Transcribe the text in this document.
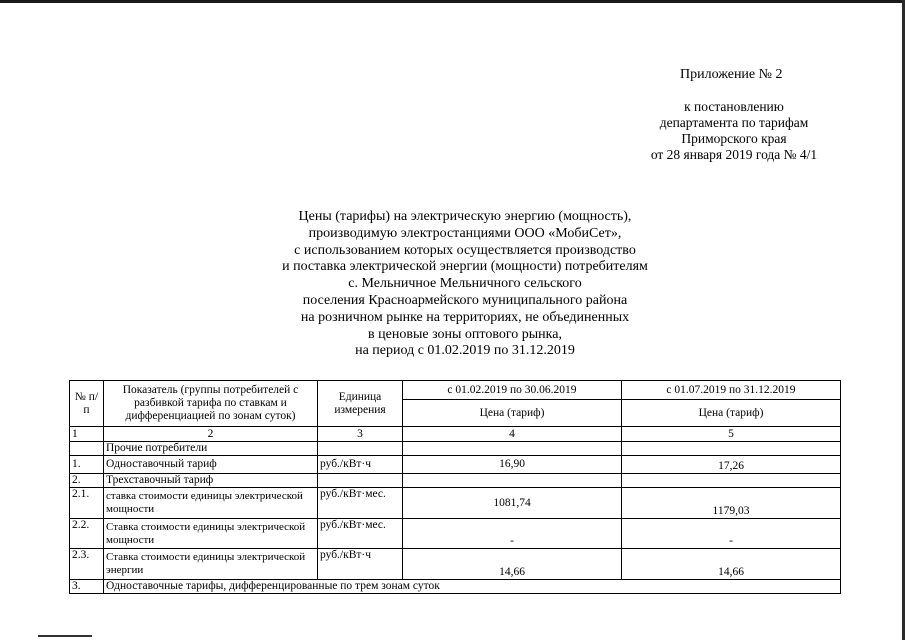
Приложение № 2
к постановлению
департамента по тарифам
Приморского края
от 28 января 2019 года № 4/1
Цены (тарифы) на электрическую энергию (мощность),
производимую электростанциями ООО «МобиСет»,
с использованием которых осуществляется производство
и поставка электрической энергии (мощности) потребителям
с. Мельничное Мельничного сельского
поселения Красноармейского муниципального района
на розничном рынке на территориях, не объединенных
в ценовые зоны оптового рынка,
на период с 01.02.2019 по 31.12.2019
№ п/п	Показатель (группы потребителей с разбивкой тарифа по ставкам и дифференциацией по зонам суток)	Единица измерения	с 01.02.2019 по 30.06.2019	с 01.07.2019 по 31.12.2019
			Цена (тариф)	Цена (тариф)
1	2	3	4	5
	Прочие потребители			
1.	Одноставочный тариф	руб./кВт·ч	16,90	17,26
2.	Трехставочный тариф			
2.1.	ставка стоимости единицы электрической мощности	руб./кВт·мес.	1081,74	1179,03
2.2.	Ставка стоимости единицы электрической мощности	руб./кВт·мес.	-	-
2.3.	Ставка стоимости единицы электрической энергии	руб./кВт·ч	14,66	14,66
3.	Одноставочные тарифы, дифференцированные по трем зонам суток			
